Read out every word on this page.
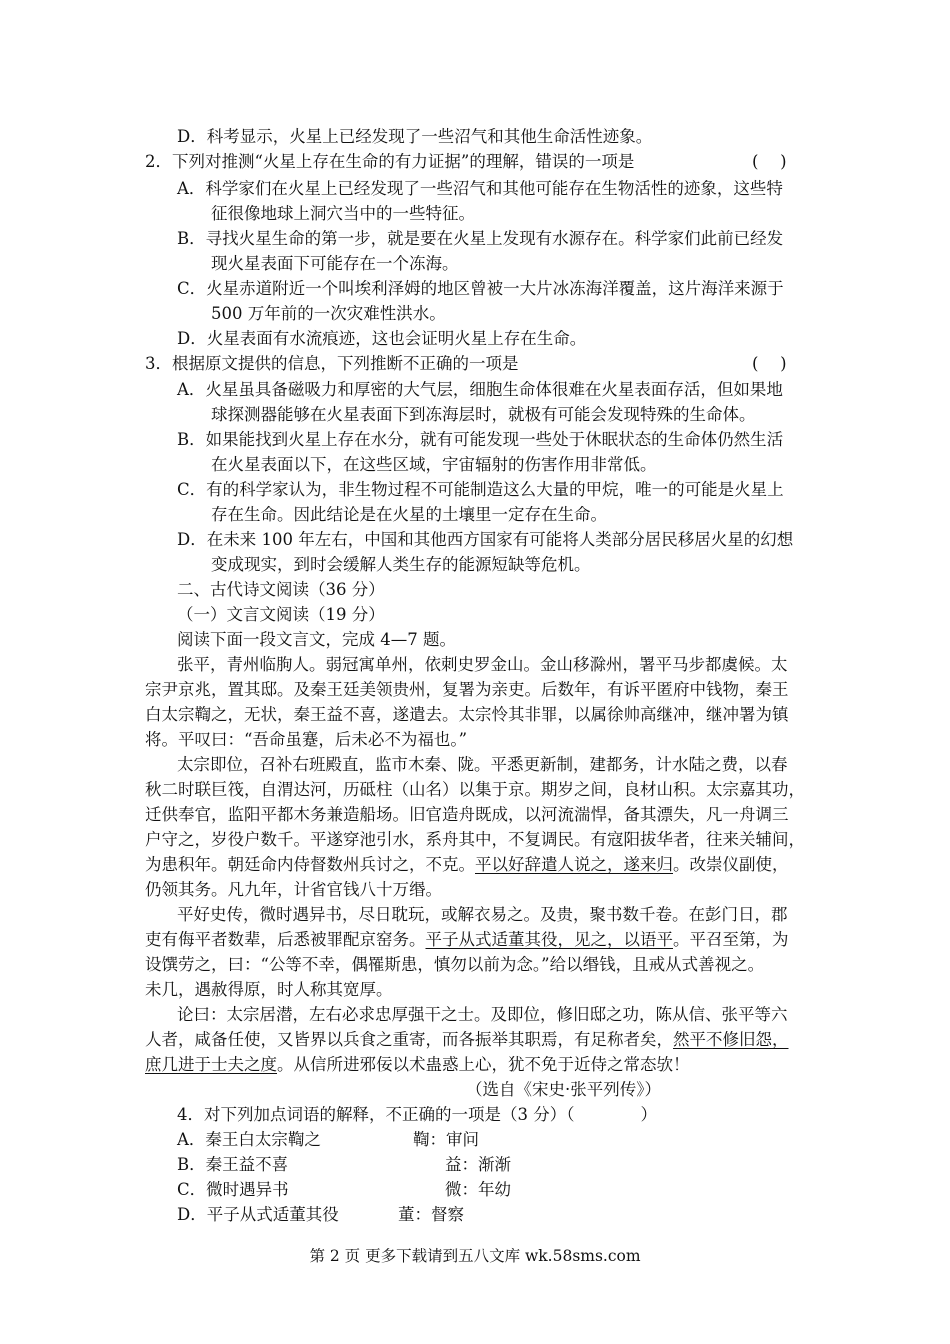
D．科考显示，火星上已经发现了一些沼气和其他生命活性迹象。
2．下列对推测“火星上存在生命的有力证据”的理解，错误的一项是	(　 )
A．科学家们在火星上已经发现了一些沼气和其他可能存在生物活性的迹象，这些特
征很像地球上洞穴当中的一些特征。
B．寻找火星生命的第一步，就是要在火星上发现有水源存在。科学家们此前已经发
现火星表面下可能存在一个冻海。
C．火星赤道附近一个叫埃利泽姆的地区曾被一大片冰冻海洋覆盖，这片海洋来源于
500 万年前的一次灾难性洪水。
D．火星表面有水流痕迹，这也会证明火星上存在生命。
3．根据原文提供的信息，下列推断不正确的一项是	(　 )
A．火星虽具备磁吸力和厚密的大气层，细胞生命体很难在火星表面存活，但如果地
球探测器能够在火星表面下到冻海层时，就极有可能会发现特殊的生命体。
B．如果能找到火星上存在水分，就有可能发现一些处于休眠状态的生命体仍然生活
在火星表面以下，在这些区域，宇宙辐射的伤害作用非常低。
C．有的科学家认为，非生物过程不可能制造这么大量的甲烷，唯一的可能是火星上
存在生命。因此结论是在火星的土壤里一定存在生命。
D．在未来 100 年左右，中国和其他西方国家有可能将人类部分居民移居火星的幻想
变成现实，到时会缓解人类生存的能源短缺等危机。
二、古代诗文阅读（36 分）
（一）文言文阅读（19 分）
阅读下面一段文言文，完成 4—7 题。
张平，青州临朐人。弱冠寓单州，依刺史罗金山。金山移滁州，署平马步都虞候。太
宗尹京兆，置其邸。及秦王廷美领贵州，复署为亲吏。后数年，有诉平匿府中钱物，秦王
白太宗鞫之，无状，秦王益不喜，遂遣去。太宗怜其非罪，以属徐帅高继冲，继冲署为镇
将。平叹曰：“吾命虽蹇，后未必不为福也。”
太宗即位，召补右班殿直，监市木秦、陇。平悉更新制，建都务，计水陆之费，以春
秋二时联巨筏，自渭达河，历砥柱（山名）以集于京。期岁之间，良材山积。太宗嘉其功，
迁供奉官，监阳平都木务兼造船场。旧官造舟既成，以河流湍悍，备其漂失，凡一舟调三
户守之，岁役户数千。平遂穿池引水，系舟其中，不复调民。有寇阳拔华者，往来关辅间，
为患积年。朝廷命内侍督数州兵讨之，不克。平以好辞遣人说之，遂来归。改崇仪副使，
仍领其务。凡九年，计省官钱八十万缗。
平好史传，微时遇异书，尽日耽玩，或解衣易之。及贵，聚书数千卷。在彭门日，郡
吏有侮平者数辈，后悉被罪配京窑务。平子从式适董其役，见之，以语平。平召至第，为
设馔劳之，曰：“公等不幸，偶罹斯患，慎勿以前为念。”给以缗钱，且戒从式善视之。
未几，遇赦得原，时人称其宽厚。
论曰：太宗居潜，左右必求忠厚强干之士。及即位，修旧邸之功，陈从信、张平等六
人者，咸备任使，又皆界以兵食之重寄，而各振举其职焉，有足称者矣，然平不修旧怨，
庶几进于士夫之度。从信所进邪佞以术蛊惑上心，犹不免于近侍之常态欤！
（选自《宋史·张平列传》）
4．对下列加点词语的解释，不正确的一项是（3 分）（　　　　）
A．秦王白太宗鞫之	鞫：审问
B．秦王益不喜	益：渐渐
C．微时遇异书	微：年幼
D．平子从式适董其役	董：督察
第 2 页 更多下载请到五八文库 wk.58sms.com
